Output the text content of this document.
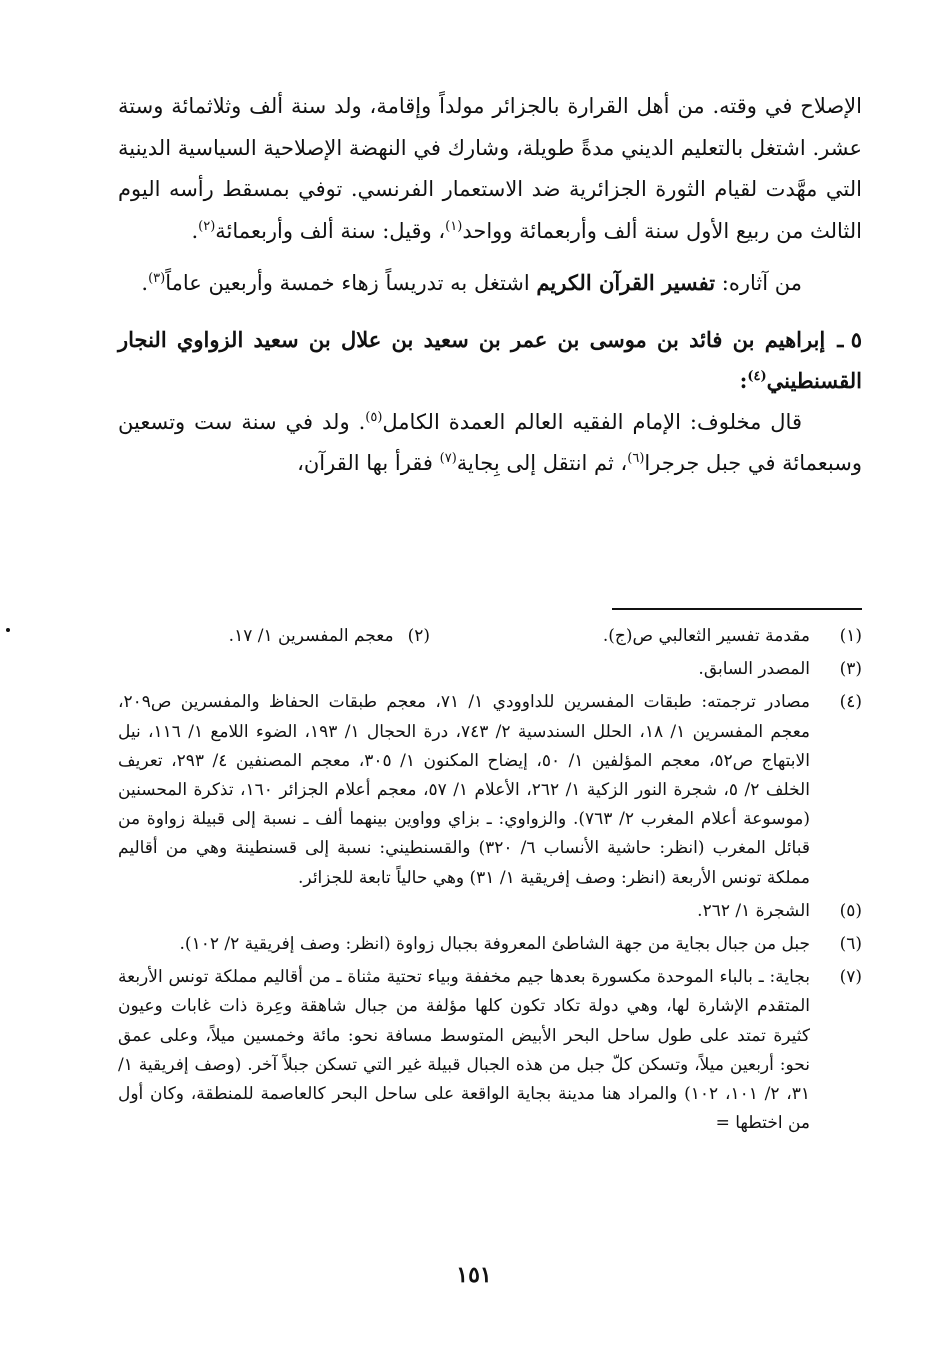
الإصلاح في وقته. من أهل القرارة بالجزائر مولداً وإقامة، ولد سنة ألف وثلاثمائة وستة عشر. اشتغل بالتعليم الديني مدةً طويلة، وشارك في النهضة الإصلاحية السياسية الدينية التي مهَّدت لقيام الثورة الجزائرية ضد الاستعمار الفرنسي. توفي بمسقط رأسه اليوم الثالث من ربيع الأول سنة ألف وأربعمائة وواحد$^{(١)}$، وقيل: سنة ألف وأربعمائة$^{(٢)}$.

من آثاره: تفسير القرآن الكريم اشتغل به تدريساً زهاء خمسة وأربعين عاماً$^{(٣)}$.

٥ ـإبراهيم بن فائد بن موسى بن عمر بن سعيد بن علال بن سعيد الزواوي النجار القسنطيني$^{(٤)}$:

قال مخلوف: الإمام الفقيه العالم العمدة الكامل$^{(٥)}$. ولد في سنة ست وتسعين وسبعمائة في جبل جرجرا$^{(٦)}$، ثم انتقل إلى بِجاية$^{(٧)}$ فقرأ بها القرآن،

(١)
مقدمة تفسير الثعالبي ص(ج).
(٢)
معجم المفسرين ١/ ١٧.
(٣)
المصدر السابق.
(٤)
مصادر ترجمته: طبقات المفسرين للداوودي ١/ ٧١، معجم طبقات الحفاظ والمفسرين ص٢٠٩، معجم المفسرين ١/ ١٨، الحلل السندسية ٢/ ٧٤٣، درة الحجال ١/ ١٩٣، الضوء اللامع ١/ ١١٦، نيل الابتهاج ص٥٢، معجم المؤلفين ١/ ٥٠، إيضاح المكنون ١/ ٣٠٥، معجم المصنفين ٤/ ٢٩٣، تعريف الخلف ٢/ ٥، شجرة النور الزكية ١/ ٢٦٢، الأعلام ١/ ٥٧، معجم أعلام الجزائر ١٦٠، تذكرة المحسنين (موسوعة أعلام المغرب ٢/ ٧٦٣). والزواوي: ـ بزاي وواوين بينهما ألف ـ نسبة إلى قبيلة زواوة من قبائل المغرب (انظر: حاشية الأنساب ٦/ ٣٢٠) والقسنطيني: نسبة إلى قسنطينة وهي من أقاليم مملكة تونس الأربعة (انظر: وصف إفريقية ١/ ٣١) وهي حالياً تابعة للجزائر.
(٥)
الشجرة ١/ ٢٦٢.
(٦)
جبل من جبال بجاية من جهة الشاطئ المعروفة بجبال زواوة (انظر: وصف إفريقية ٢/ ١٠٢).
(٧)
بجاية: ـ بالباء الموحدة مكسورة بعدها جيم مخففة وبياء تحتية مثناة ـ من أقاليم مملكة تونس الأربعة المتقدم الإشارة لها، وهي دولة تكاد تكون كلها مؤلفة من جبال شاهقة وعِرة ذات غابات وعيون كثيرة تمتد على طول ساحل البحر الأبيض المتوسط مسافة نحو: مائة وخمسين ميلاً، وعلى عمق نحو: أربعين ميلاً، وتسكن كلّ جبل من هذه الجبال قبيلة غير التي تسكن جبلاً آخر. (وصف إفريقية ١/ ٣١، ٢/ ١٠١، ١٠٢) والمراد هنا مدينة بجاية الواقعة على ساحل البحر كالعاصمة للمنطقة، وكان أول من اختطها =
١٥١
